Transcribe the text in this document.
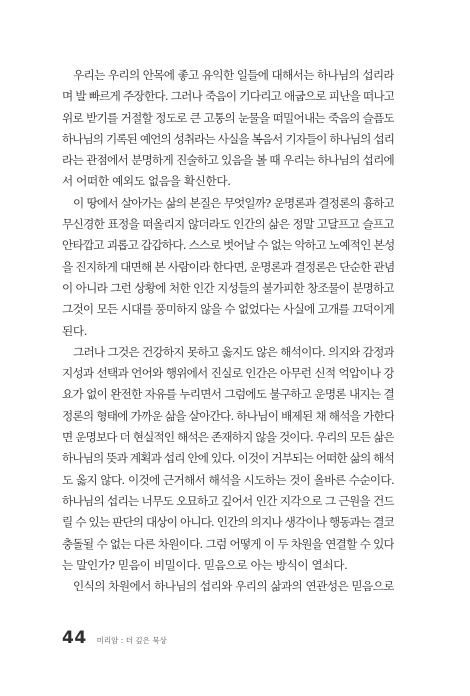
우리는 우리의 안목에 좋고 유익한 일들에 대해서는 하나님의 섭리라
며 발 빠르게 주장한다. 그러나 죽음이 기다리고 애굽으로 피난을 떠나고
위로 받기를 거절할 정도로 큰 고통의 눈물을 떠밀어내는 죽음의 슬픔도
하나님의 기록된 예언의 성취라는 사실을 복음서 기자들이 하나님의 섭리
라는 관점에서 분명하게 진술하고 있음을 볼 때 우리는 하나님의 섭리에
서 어떠한 예외도 없음을 확신한다.
이 땅에서 살아가는 삶의 본질은 무엇일까? 운명론과 결정론의 흉하고
무신경한 표정을 떠올리지 않더라도 인간의 삶은 정말 고달프고 슬프고
안타깝고 괴롭고 갑갑하다. 스스로 벗어날 수 없는 악하고 노예적인 본성
을 진지하게 대면해 본 사람이라 한다면, 운명론과 결정론은 단순한 관념
이 아니라 그런 상황에 처한 인간 지성들의 불가피한 창조물이 분명하고
그것이 모든 시대를 풍미하지 않을 수 없었다는 사실에 고개를 끄덕이게
된다.
그러나 그것은 건강하지 못하고 옳지도 않은 해석이다. 의지와 감정과
지성과 선택과 언어와 행위에서 진실로 인간은 아무런 신적 억압이나 강
요가 없이 완전한 자유를 누리면서 그럼에도 불구하고 운명론 내지는 결
정론의 형태에 가까운 삶을 살아간다. 하나님이 배제된 채 해석을 가한다
면 운명보다 더 현실적인 해석은 존재하지 않을 것이다. 우리의 모든 삶은
하나님의 뜻과 계획과 섭리 안에 있다. 이것이 거부되는 어떠한 삶의 해석
도 옳지 않다. 이것에 근거해서 해석을 시도하는 것이 올바른 수순이다.
하나님의 섭리는 너무도 오묘하고 깊어서 인간 지각으로 그 근원을 건드
릴 수 있는 판단의 대상이 아니다. 인간의 의지나 생각이나 행동과는 결코
충돌될 수 없는 다른 차원이다. 그럼 어떻게 이 두 차원을 연결할 수 있다
는 말인가? 믿음이 비밀이다. 믿음으로 아는 방식이 열쇠다.
인식의 차원에서 하나님의 섭리와 우리의 삶과의 연관성은 믿음으로
44 미리암 : 더 깊은 묵상
